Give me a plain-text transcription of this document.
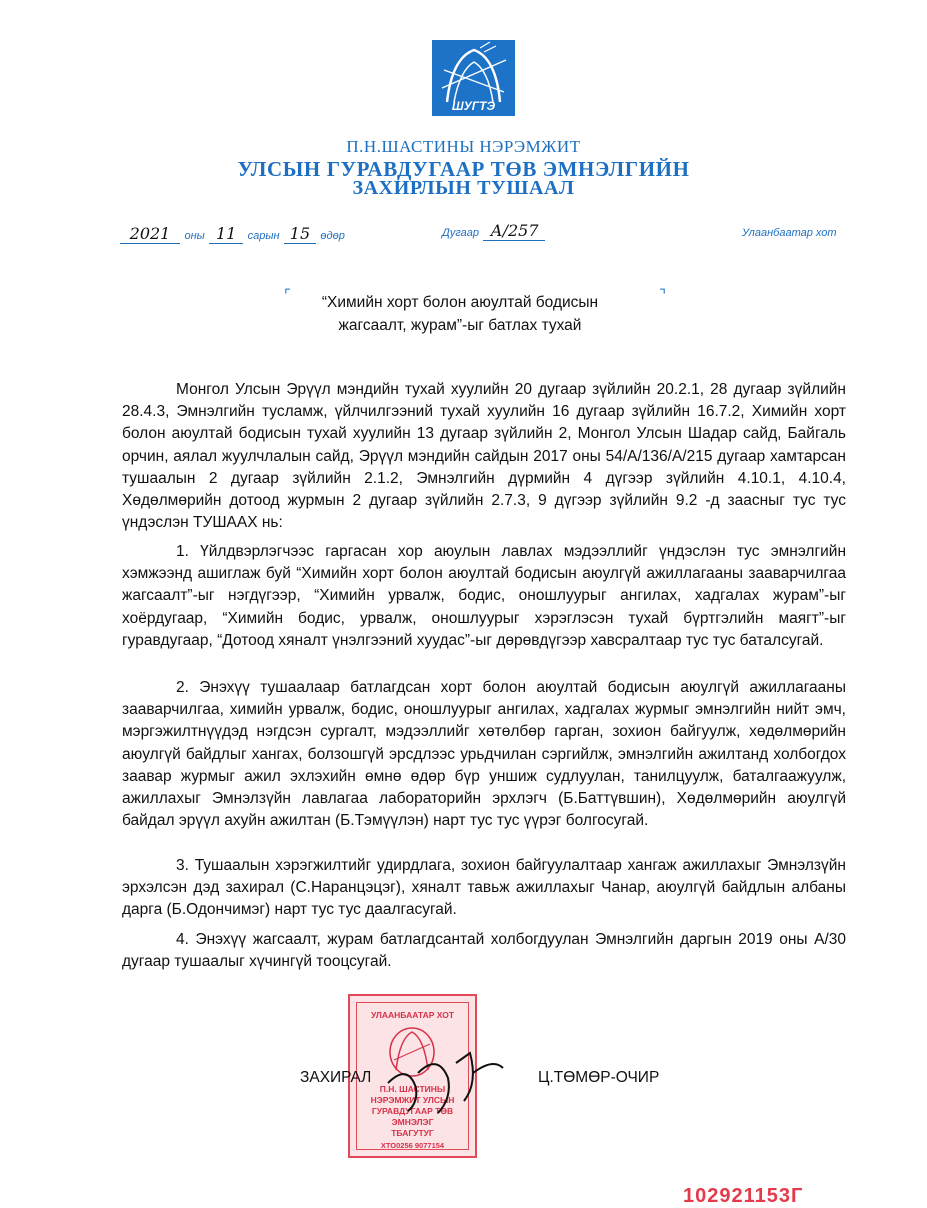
ШУГТЭ
П.Н.ШАСТИНЫ НЭРЭМЖИТ
УЛСЫН ГУРАВДУГААР ТӨВ ЭМНЭЛГИЙН
ЗАХИРЛЫН ТУШААЛ
2021 оны 11 сарын 15 өдөр	Дугаар А/257	Улаанбаатар хот
⌜	⌝
“Химийн хорт болон аюултай бодисын
жагсаалт, журам”-ыг батлах тухай

Монгол Улсын Эрүүл мэндийн тухай хуулийн 20 дугаар зүйлийн 20.2.1, 28 дугаар зүйлийн 28.4.3, Эмнэлгийн тусламж, үйлчилгээний тухай хуулийн 16 дугаар зүйлийн 16.7.2, Химийн хорт болон аюултай бодисын тухай хуулийн 13 дугаар зүйлийн 2, Монгол Улсын Шадар сайд, Байгаль орчин, аялал жуулчлалын сайд, Эрүүл мэндийн сайдын 2017 оны 54/А/136/А/215 дугаар хамтарсан тушаалын 2 дугаар зүйлийн 2.1.2, Эмнэлгийн дүрмийн 4 дүгээр зүйлийн 4.10.1, 4.10.4, Хөдөлмөрийн дотоод журмын 2 дугаар зүйлийн 2.7.3, 9 дүгээр зүйлийн 9.2 -д заасныг тус тус үндэслэн ТУШААХ нь:

1. Үйлдвэрлэгчээс гаргасан хор аюулын лавлах мэдээллийг үндэслэн тус эмнэлгийн хэмжээнд ашиглаж буй “Химийн хорт болон аюултай бодисын аюулгүй ажиллагааны зааварчилгаа жагсаалт”-ыг нэгдүгээр, “Химийн урвалж, бодис, оношлуурыг ангилах, хадгалах журам”-ыг хоёрдугаар, “Химийн бодис, урвалж, оношлуурыг хэрэглэсэн тухай бүртгэлийн маягт”-ыг гуравдугаар, “Дотоод хяналт үнэлгээний хуудас”-ыг дөрөвдүгээр хавсралтаар тус тус баталсугай.

2. Энэхүү тушаалаар батлагдсан хорт болон аюултай бодисын аюулгүй ажиллагааны зааварчилгаа, химийн урвалж, бодис, оношлуурыг ангилах, хадгалах журмыг эмнэлгийн нийт эмч, мэргэжилтнүүдэд нэгдсэн сургалт, мэдээллийг хөтөлбөр гарган, зохион байгуулж, хөдөлмөрийн аюулгүй байдлыг хангах, болзошгүй эрсдлээс урьдчилан сэргийлж, эмнэлгийн ажилтанд холбогдох заавар журмыг ажил эхлэхийн өмнө өдөр бүр уншиж судлуулан, танилцуулж, баталгаажуулж, ажиллахыг Эмнэлзүйн лавлагаа лабораторийн эрхлэгч (Б.Баттүвшин), Хөдөлмөрийн аюулгүй байдал эрүүл ахуйн ажилтан (Б.Тэмүүлэн) нарт тус тус үүрэг болгосугай.

3. Тушаалын хэрэгжилтийг удирдлага, зохион байгуулалтаар хангаж ажиллахыг Эмнэлзүйн эрхэлсэн дэд захирал (С.Наранцэцэг), хяналт тавьж ажиллахыг Чанар, аюулгүй байдлын албаны дарга (Б.Одончимэг) нарт тус тус даалгасугай.

4. Энэхүү жагсаалт, журам батлагдсантай холбогдуулан Эмнэлгийн даргын 2019 оны А/30 дугаар тушаалыг хүчингүй тооцсугай.

УЛААНБААТАР ХОТ
П.Н. ШАСТИНЫ
НЭРЭМЖИТ УЛСЫН
ГУРАВДУГААР ТӨВ
ЭМНЭЛЭГ
ТБАГУТУГ
ХТО0256 9077154
ЗАХИРАЛ	Ц.ТӨМӨР-ОЧИР
102921153Г
